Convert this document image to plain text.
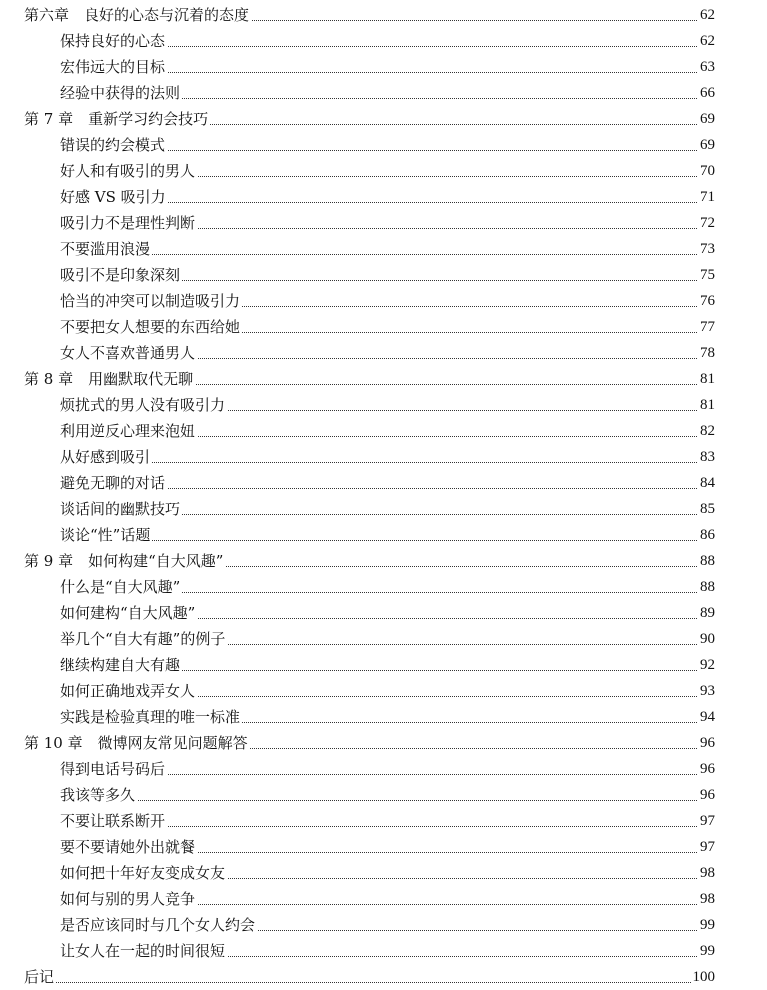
第六章　良好的心态与沉着的态度	62
保持良好的心态	62
宏伟远大的目标	63
经验中获得的法则	66
第 7 章　重新学习约会技巧	69
错误的约会模式	69
好人和有吸引的男人	70
好感 VS 吸引力	71
吸引力不是理性判断	72
不要滥用浪漫	73
吸引不是印象深刻	75
恰当的冲突可以制造吸引力	76
不要把女人想要的东西给她	77
女人不喜欢普通男人	78
第 8 章　用幽默取代无聊	81
烦扰式的男人没有吸引力	81
利用逆反心理来泡妞	82
从好感到吸引	83
避免无聊的对话	84
谈话间的幽默技巧	85
谈论“性”话题	86
第 9 章　如何构建“自大风趣”	88
什么是“自大风趣”	88
如何建构“自大风趣”	89
举几个“自大有趣”的例子	90
继续构建自大有趣	92
如何正确地戏弄女人	93
实践是检验真理的唯一标准	94
第 10 章　微博网友常见问题解答	96
得到电话号码后	96
我该等多久	96
不要让联系断开	97
要不要请她外出就餐	97
如何把十年好友变成女友	98
如何与别的男人竞争	98
是否应该同时与几个女人约会	99
让女人在一起的时间很短	99
后记	100
